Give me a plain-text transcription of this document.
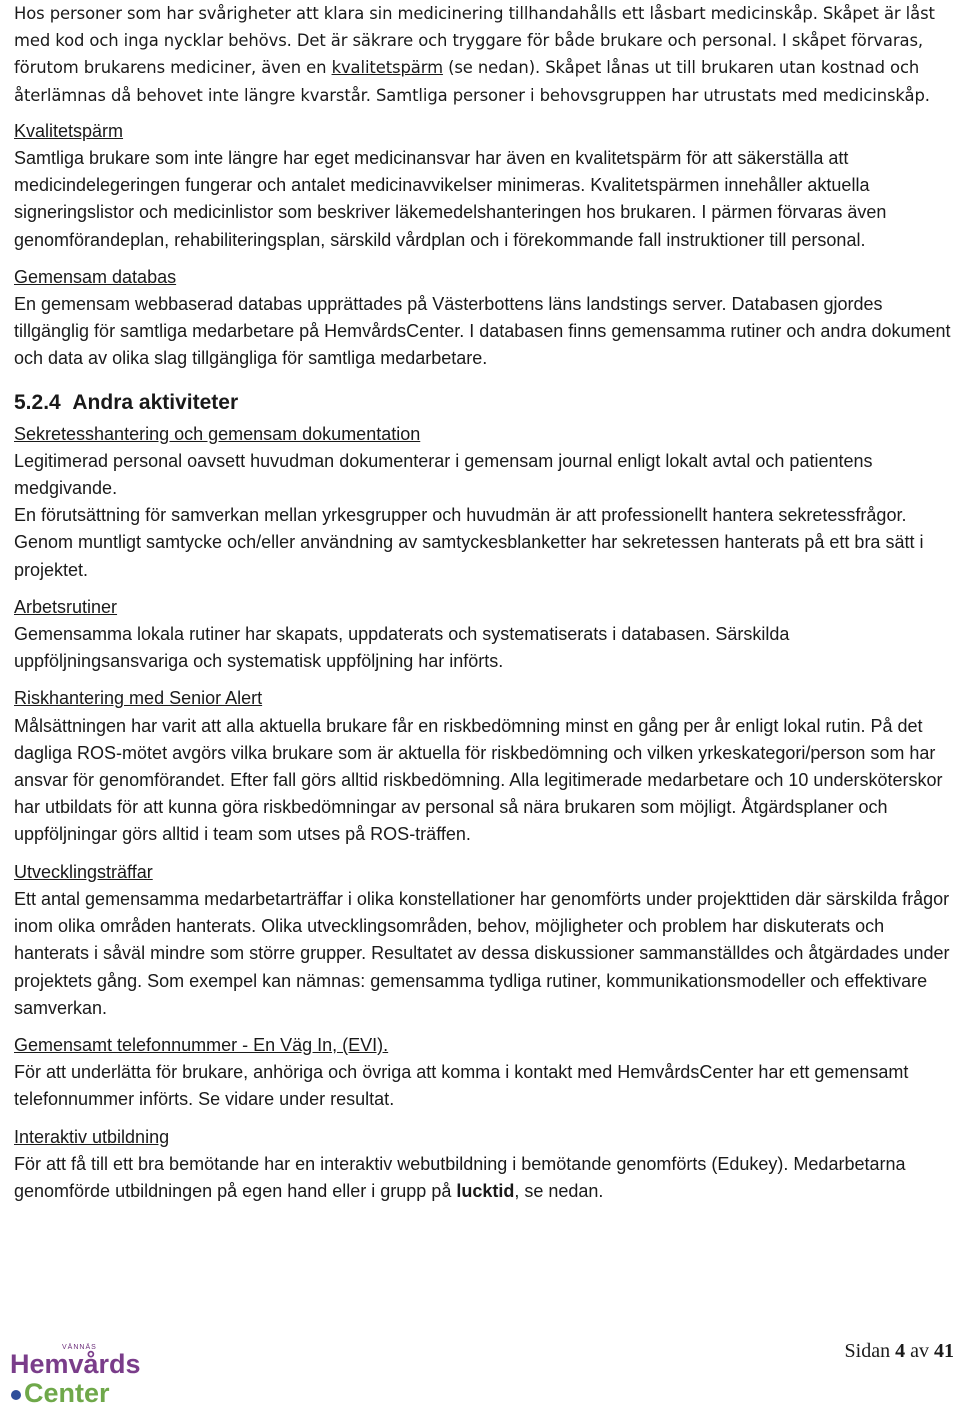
Hos personer som har svårigheter att klara sin medicinering tillhandahålls ett låsbart medicinskåp. Skåpet är låst med kod och inga nycklar behövs. Det är säkrare och tryggare för både brukare och personal. I skåpet förvaras, förutom brukarens mediciner, även en kvalitetspärm (se nedan). Skåpet lånas ut till brukaren utan kostnad och återlämnas då behovet inte längre kvarstår. Samtliga personer i behovsgruppen har utrustats med medicinskåp.

Kvalitetspärm

Samtliga brukare som inte längre har eget medicinansvar har även en kvalitetspärm för att säkerställa att medicindelegeringen fungerar och antalet medicinavvikelser minimeras. Kvalitetspärmen innehåller aktuella signeringslistor och medicinlistor som beskriver läkemedelshanteringen hos brukaren. I pärmen förvaras även genomförandeplan, rehabiliteringsplan, särskild vårdplan och i förekommande fall instruktioner till personal.

Gemensam databas

En gemensam webbaserad databas upprättades på Västerbottens läns landstings server. Databasen gjordes tillgänglig för samtliga medarbetare på HemvårdsCenter. I databasen finns gemensamma rutiner och andra dokument och data av olika slag tillgängliga för samtliga medarbetare.

5.2.4 Andra aktiviteter

Sekretesshantering och gemensam dokumentation

Legitimerad personal oavsett huvudman dokumenterar i gemensam journal enligt lokalt avtal och patientens medgivande.

En förutsättning för samverkan mellan yrkesgrupper och huvudmän är att professionellt hantera sekretessfrågor. Genom muntligt samtycke och/eller användning av samtyckesblanketter har sekretessen hanterats på ett bra sätt i projektet.

Arbetsrutiner

Gemensamma lokala rutiner har skapats, uppdaterats och systematiserats i databasen. Särskilda uppföljningsansvariga och systematisk uppföljning har införts.

Riskhantering med Senior Alert

Målsättningen har varit att alla aktuella brukare får en riskbedömning minst en gång per år enligt lokal rutin. På det dagliga ROS-mötet avgörs vilka brukare som är aktuella för riskbedömning och vilken yrkeskategori/person som har ansvar för genomförandet. Efter fall görs alltid riskbedömning. Alla legitimerade medarbetare och 10 undersköterskor har utbildats för att kunna göra riskbedömningar av personal så nära brukaren som möjligt. Åtgärdsplaner och uppföljningar görs alltid i team som utses på ROS-träffen.

Utvecklingsträffar

Ett antal gemensamma medarbetarträffar i olika konstellationer har genomförts under projekttiden där särskilda frågor inom olika områden hanterats. Olika utvecklingsområden, behov, möjligheter och problem har diskuterats och hanterats i såväl mindre som större grupper. Resultatet av dessa diskussioner sammanställdes och åtgärdades under projektets gång. Som exempel kan nämnas: gemensamma tydliga rutiner, kommunikationsmodeller och effektivare samverkan.

Gemensamt telefonnummer - En Väg In, (EVI).

För att underlätta för brukare, anhöriga och övriga att komma i kontakt med HemvårdsCenter har ett gemensamt telefonnummer införts. Se vidare under resultat.

Interaktiv utbildning

För att få till ett bra bemötande har en interaktiv webutbildning i bemötande genomförts (Edukey). Medarbetarna genomförde utbildningen på egen hand eller i grupp på lucktid, se nedan.

VÄNNÄS
Hemvårds
Center
Sidan 4 av 41
